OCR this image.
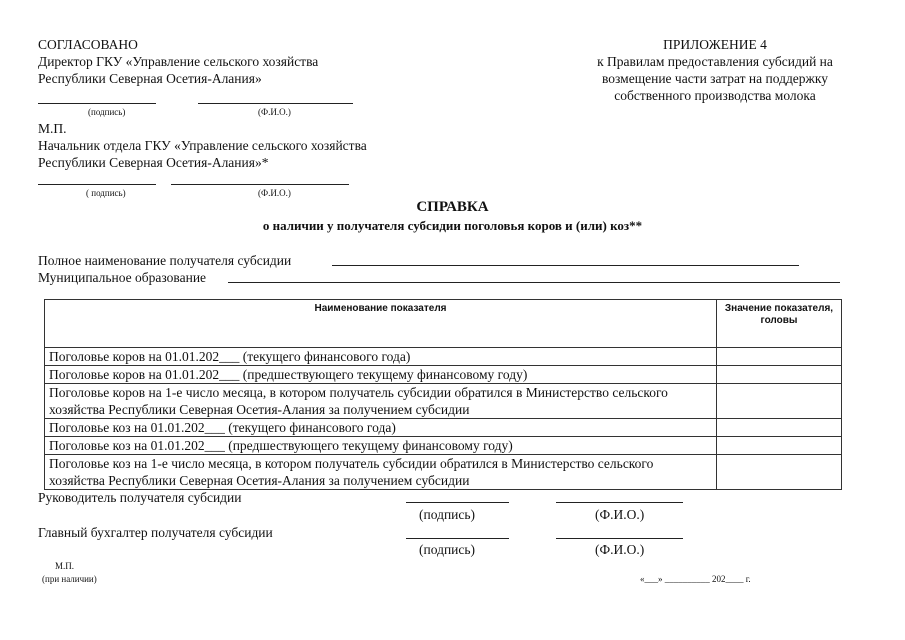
СОГЛАСОВАНО
Директор ГКУ «Управление сельского хозяйства
Республики Северная Осетия-Алания»
(подпись)	(Ф.И.О.)
М.П.
Начальник отдела ГКУ «Управление сельского хозяйства
Республики Северная Осетия-Алания»*
( подпись)	(Ф.И.О.)
ПРИЛОЖЕНИЕ 4
к Правилам предоставления субсидий на
возмещение части затрат на поддержку
собственного производства молока
СПРАВКА
о наличии у получателя субсидии поголовья коров и (или) коз**
Полное наименование получателя субсидии
Муниципальное образование
Наименование показателя	Значение показателя, головы
Поголовье коров на 01.01.202___ (текущего финансового года)	
Поголовье коров на 01.01.202___ (предшествующего текущему финансовому году)	
Поголовье коров на 1-е число месяца, в котором получатель субсидии обратился в Министерство сельского хозяйства Республики Северная Осетия-Алания за получением субсидии	
Поголовье коз на 01.01.202___ (текущего финансового года)	
Поголовье коз на 01.01.202___ (предшествующего текущему финансовому году)	
Поголовье коз на 1-е число месяца, в котором получатель субсидии обратился в Министерство сельского хозяйства Республики Северная Осетия-Алания за получением субсидии	
Руководитель получателя субсидии
(подпись)	(Ф.И.О.)
Главный бухгалтер получателя субсидии
(подпись)	(Ф.И.О.)
М.П.
(при наличии)	«___» __________ 202____ г.
